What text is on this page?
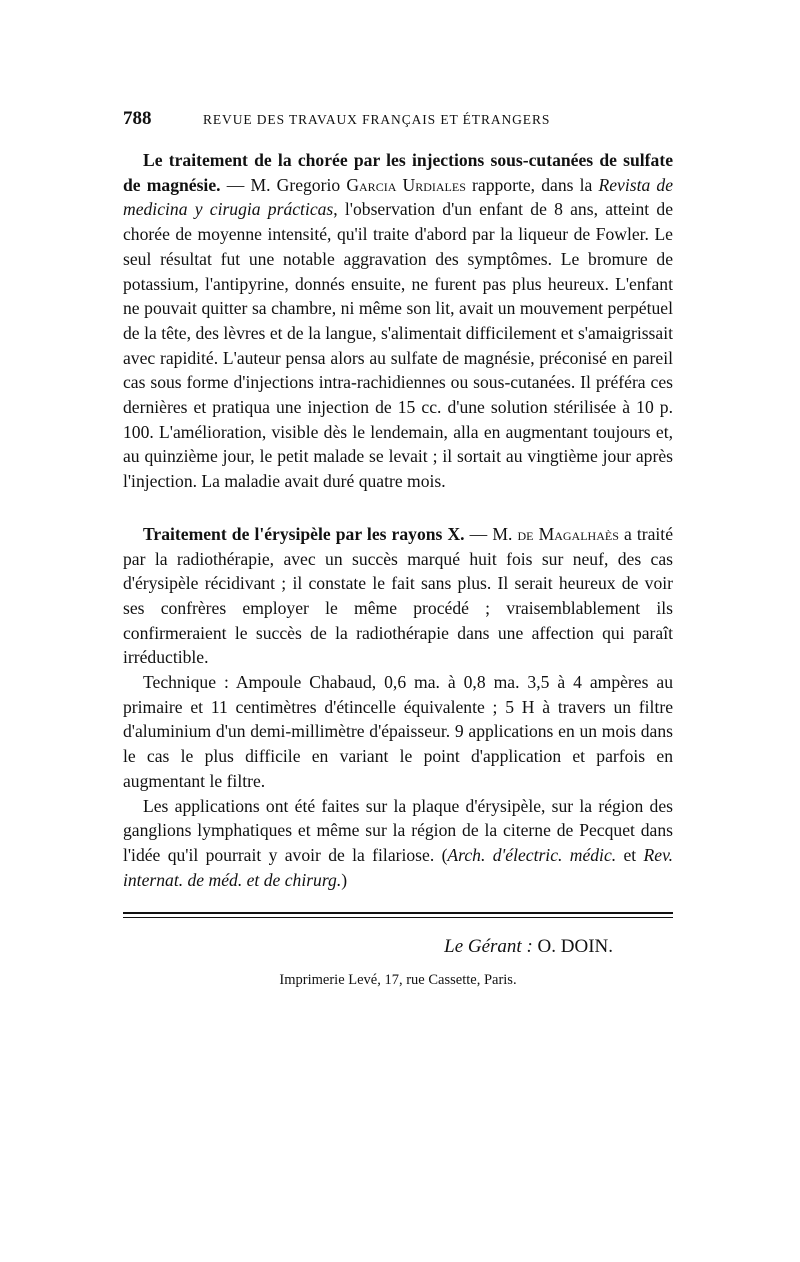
788	REVUE DES TRAVAUX FRANÇAIS ET ÉTRANGERS

Le traitement de la chorée par les injections sous-cutanées de sulfate de magnésie. — M. Gregorio Garcia Urdiales rapporte, dans la Revista de medicina y cirugia prácticas, l'observation d'un enfant de 8 ans, atteint de chorée de moyenne intensité, qu'il traite d'abord par la liqueur de Fowler. Le seul résultat fut une notable aggravation des symptômes. Le bromure de potassium, l'antipyrine, donnés ensuite, ne furent pas plus heureux. L'enfant ne pouvait quitter sa chambre, ni même son lit, avait un mouvement perpétuel de la tête, des lèvres et de la langue, s'alimentait difficilement et s'amaigrissait avec rapidité. L'auteur pensa alors au sulfate de magnésie, préconisé en pareil cas sous forme d'injections intra-rachidiennes ou sous-cutanées. Il préféra ces dernières et pratiqua une injection de 15 cc. d'une solution stérilisée à 10 p. 100. L'amélioration, visible dès le lendemain, alla en augmentant toujours et, au quinzième jour, le petit malade se levait ; il sortait au vingtième jour après l'injection. La maladie avait duré quatre mois.

Traitement de l'érysipèle par les rayons X. — M. de Magalhaès a traité par la radiothérapie, avec un succès marqué huit fois sur neuf, des cas d'érysipèle récidivant ; il constate le fait sans plus. Il serait heureux de voir ses confrères employer le même procédé ; vraisemblablement ils confirmeraient le succès de la radiothérapie dans une affection qui paraît irréductible.

Technique : Ampoule Chabaud, 0,6 ma. à 0,8 ma. 3,5 à 4 ampères au primaire et 11 centimètres d'étincelle équivalente ; 5 H à travers un filtre d'aluminium d'un demi-millimètre d'épaisseur. 9 applications en un mois dans le cas le plus difficile en variant le point d'application et parfois en augmentant le filtre.

Les applications ont été faites sur la plaque d'érysipèle, sur la région des ganglions lymphatiques et même sur la région de la citerne de Pecquet dans l'idée qu'il pourrait y avoir de la filariose. (Arch. d'électric. médic. et Rev. internat. de méd. et de chirurg.)

Le Gérant : O. DOIN.
Imprimerie Levé, 17, rue Cassette, Paris.
